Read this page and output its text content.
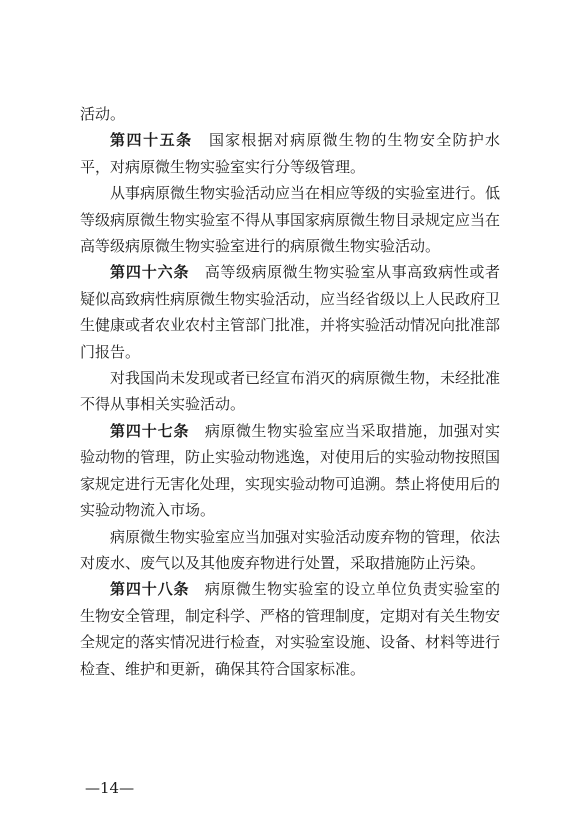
活动。

第四十五条 国家根据对病原微生物的生物安全防护水平，对病原微生物实验室实行分等级管理。

从事病原微生物实验活动应当在相应等级的实验室进行。低等级病原微生物实验室不得从事国家病原微生物目录规定应当在高等级病原微生物实验室进行的病原微生物实验活动。

第四十六条 高等级病原微生物实验室从事高致病性或者疑似高致病性病原微生物实验活动，应当经省级以上人民政府卫生健康或者农业农村主管部门批准，并将实验活动情况向批准部门报告。

对我国尚未发现或者已经宣布消灭的病原微生物，未经批准不得从事相关实验活动。

第四十七条 病原微生物实验室应当采取措施，加强对实验动物的管理，防止实验动物逃逸，对使用后的实验动物按照国家规定进行无害化处理，实现实验动物可追溯。禁止将使用后的实验动物流入市场。

病原微生物实验室应当加强对实验活动废弃物的管理，依法对废水、废气以及其他废弃物进行处置，采取措施防止污染。

第四十八条 病原微生物实验室的设立单位负责实验室的生物安全管理，制定科学、严格的管理制度，定期对有关生物安全规定的落实情况进行检查，对实验室设施、设备、材料等进行检查、维护和更新，确保其符合国家标准。

—14—
